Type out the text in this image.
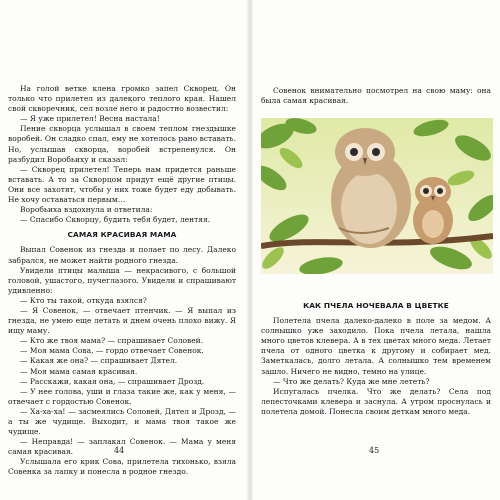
На голой ветке клена громко запел Скворец. Он только что прилетел из далекого теплого края. Нашел свой скворечник, сел возле него и радостно возвестил:

— Я уже прилетел! Весна настала!

Пение скворца услышал в своем теплом гнездышке воробей. Он сладко спал, ему не хотелось рано вставать. Но, услышав скворца, воробей встрепенулся. Он разбудил Воробьиху и сказал:

— Скворец прилетел! Теперь нам придется раньше вставать. А то за Скворцом придут ещё другие птицы. Они все захотят, чтобы у них тоже будет еду добывать. Не хочу оставаться первым…

Воробьиха вздохнула и ответила:

— Спасибо Скворцу, будить тебя будет, лентяя.

САМАЯ КРАСИВАЯ МАМА

Выпал Совенок из гнезда и полает по лесу. Далеко забрался, не может найти родного гнезда.

Увидели птицы малыша — некрасивого, с большой головой, ушастого, пучеглазого. Увидели и спрашивают удивленно:

— Кто ты такой, откуда взялся?

— Я Совенок, — отвечает птенчик. — Я выпал из гнезда, не умею еще летать и днем очень плохо вижу. Я ищу маму.

— Кто же твоя мама? — спрашивает Соловей.

— Моя мама Сова, — гордо отвечает Совенок.

— Какая же она? — спрашивает Дятел.

— Моя мама самая красивая.

— Расскажи, какая она, — спрашивает Дрозд.

— У нее голова, уши и глаза такие же, как у меня, — отвечает с гордостью Совенок.

— Ха-ха-ха! — засмеялись Соловей, Дятел и Дрозд, — а ты же чудище. Выходит, и мама твоя такое же чудище.

— Неправда! — заплакал Совенок. — Мама у меня самая красивая.

Услышала его крик Сова, прилетела тихонько, взяла Совенка за лапку и понесла в родное гнездо.

44

Совенок внимательно посмотрел на свою маму: она была самая красивая.

КАК ПЧЕЛА НОЧЕВАЛА В ЦВЕТКЕ

Полетела пчела далеко-далеко в поле за медом. А солнышко уже заходило. Пока пчела летала, нашла много цветов клевера. А в тех цветах много меда. Летает пчела от одного цветка к другому и собирает мед. Заметкалась, долго летала. А солнышко тем временем зашло. Ничего не видно, темно на улице.

— Что же делать? Куда же мне лететь?

Испугалась пчелка. Что же делать? Села под лепесточками клевера и заснула. А утром проснулась и полетела домой. Понесла своим деткам много меда.

45
